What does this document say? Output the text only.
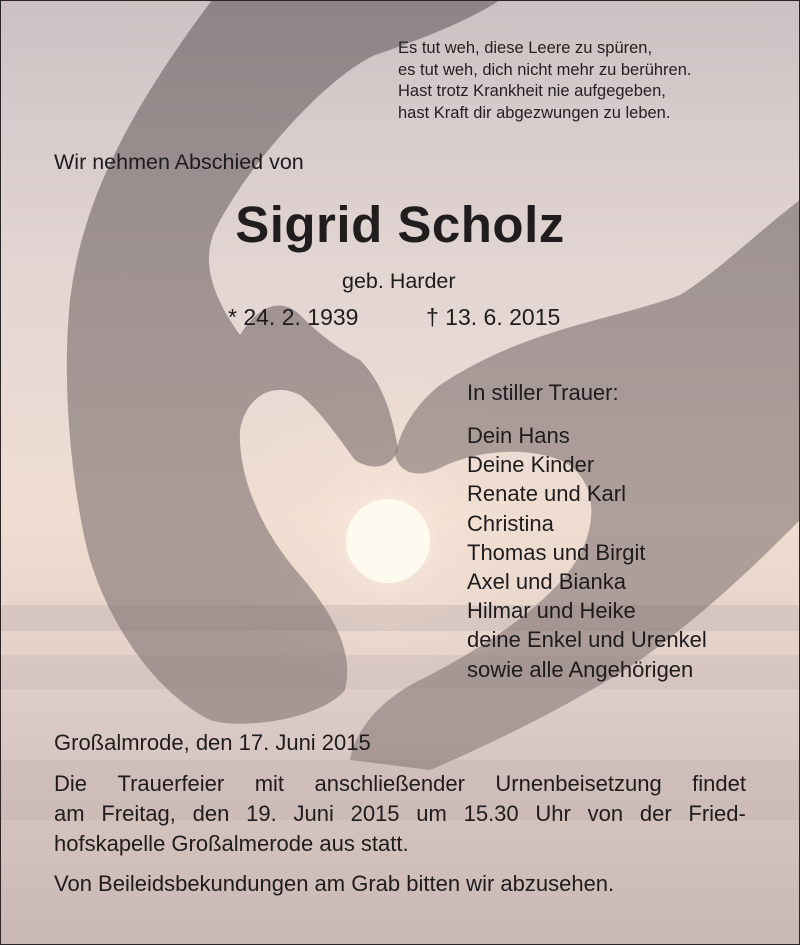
Es tut weh, diese Leere zu spüren,
es tut weh, dich nicht mehr zu berühren.
Hast trotz Krankheit nie aufgegeben,
hast Kraft dir abgezwungen zu leben.
Wir nehmen Abschied von
Sigrid Scholz
geb. Harder
* 24. 2. 1939	† 13. 6. 2015
In stiller Trauer:
Dein Hans
Deine Kinder
Renate und Karl
Christina
Thomas und Birgit
Axel und Bianka
Hilmar und Heike
deine Enkel und Urenkel
sowie alle Angehörigen
Großalmrode, den 17. Juni 2015
Die Trauerfeier mit anschließender Urnenbeisetzung findet
am Freitag, den 19. Juni 2015 um 15.30 Uhr von der Fried-
hofskapelle Großalmerode aus statt.
Von Beileidsbekundungen am Grab bitten wir abzusehen.
